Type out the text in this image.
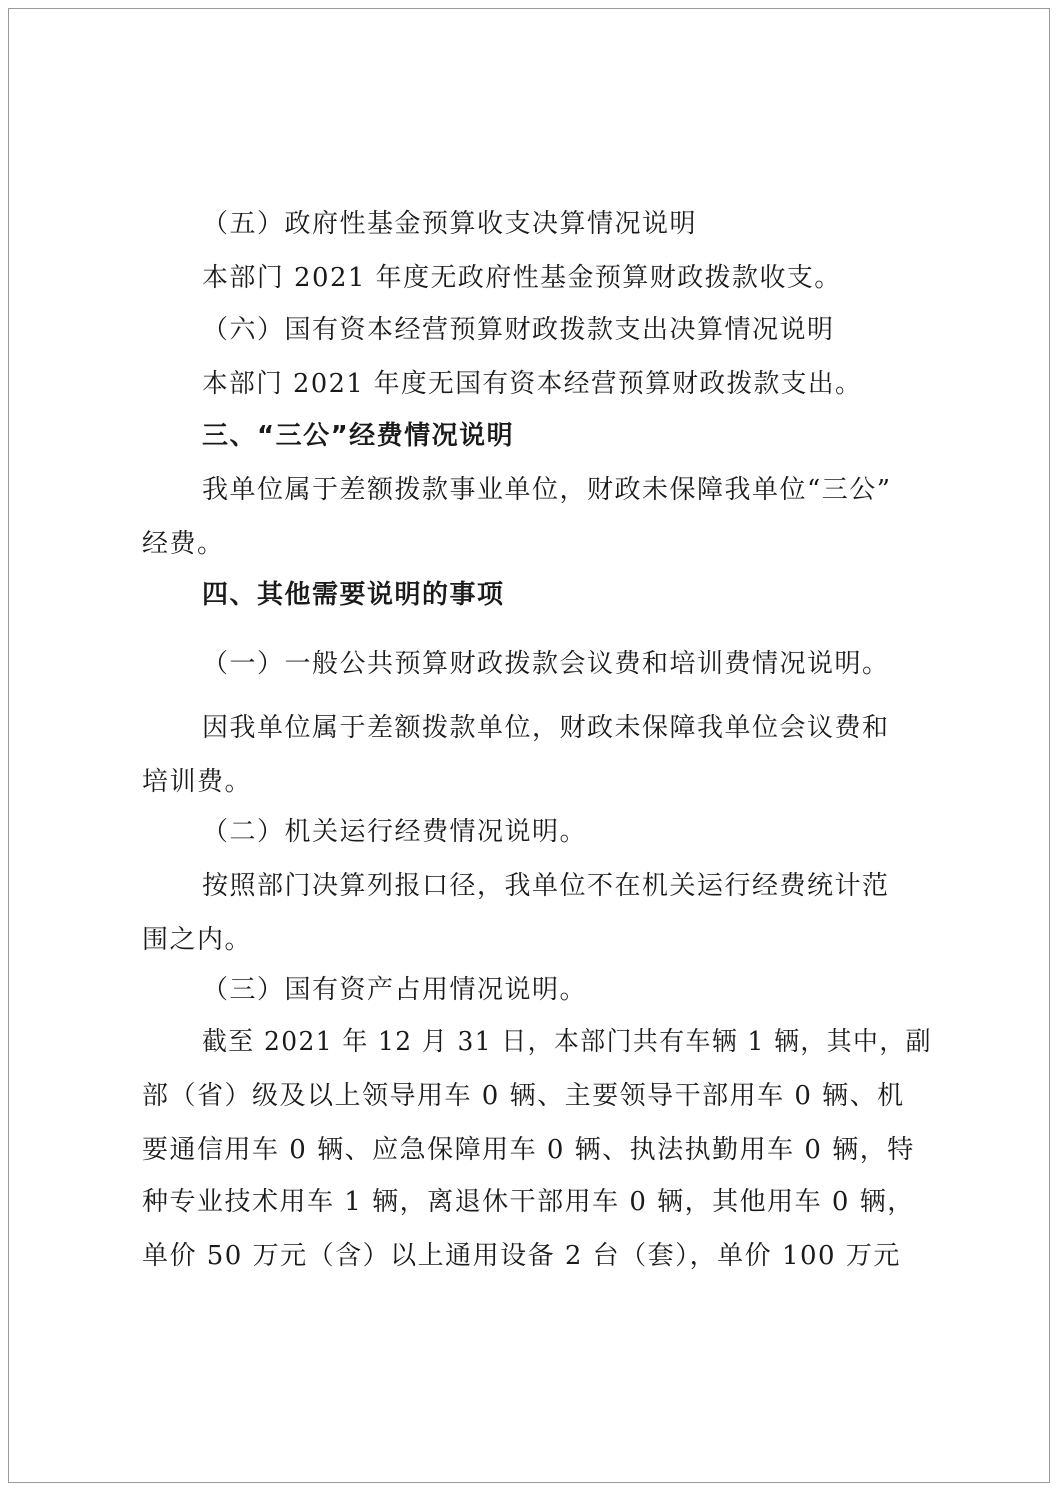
（五）政府性基金预算收支决算情况说明
本部门 2021 年度无政府性基金预算财政拨款收支。
（六）国有资本经营预算财政拨款支出决算情况说明
本部门 2021 年度无国有资本经营预算财政拨款支出。
三、“三公”经费情况说明
我单位属于差额拨款事业单位，财政未保障我单位“三公”
经费。
四、其他需要说明的事项
（一）一般公共预算财政拨款会议费和培训费情况说明。
因我单位属于差额拨款单位，财政未保障我单位会议费和
培训费。
（二）机关运行经费情况说明。
按照部门决算列报口径，我单位不在机关运行经费统计范
围之内。
（三）国有资产占用情况说明。
截至 2021 年 12 月 31 日，本部门共有车辆 1 辆，其中，副
部（省）级及以上领导用车 0 辆、主要领导干部用车 0 辆、机
要通信用车 0 辆、应急保障用车 0 辆、执法执勤用车 0 辆，特
种专业技术用车 1 辆，离退休干部用车 0 辆，其他用车 0 辆，
单价 50 万元（含）以上通用设备 2 台（套），单价 100 万元
